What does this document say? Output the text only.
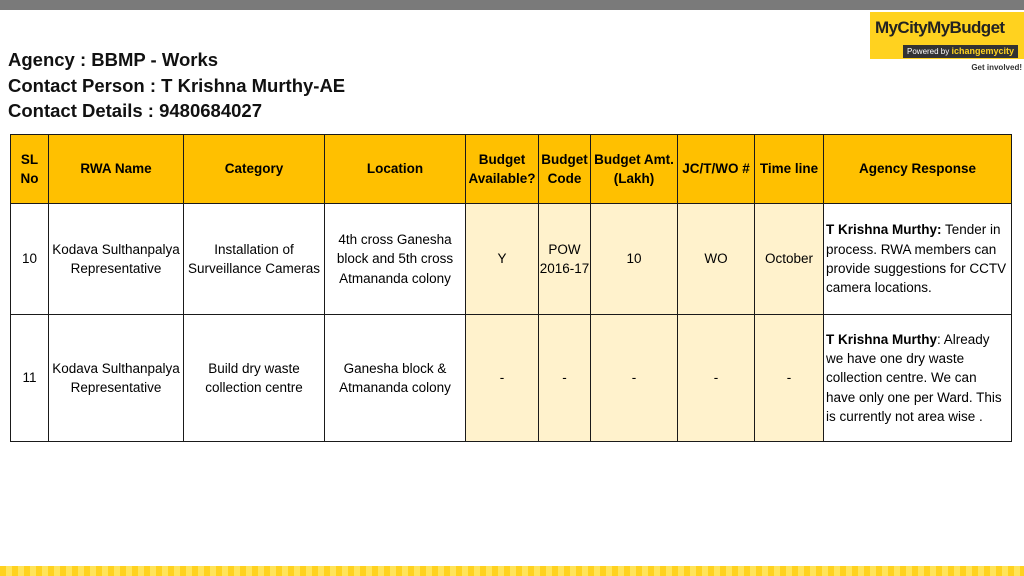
Agency : BBMP - Works
Contact Person : T Krishna Murthy-AE
Contact Details : 9480684027
MyCityMyBudget
Powered by ichangemycity
Get involved!
SL No	RWA Name	Category	Location	Budget Available?	Budget Code	Budget Amt. (Lakh)	JC/T/WO #	Time line	Agency Response
10	Kodava Sulthanpalya Representative	Installation of Surveillance Cameras	4th cross Ganesha block and 5th cross Atmananda colony	Y	POW 2016-17	10	WO	October	T Krishna Murthy: Tender in process. RWA members can provide suggestions for CCTV camera locations.
11	Kodava Sulthanpalya Representative	Build dry waste collection centre	Ganesha block & Atmananda colony	-	-	-	-	-	T Krishna Murthy: Already we have one dry waste collection centre. We can have only one per Ward. This is currently not area wise .
